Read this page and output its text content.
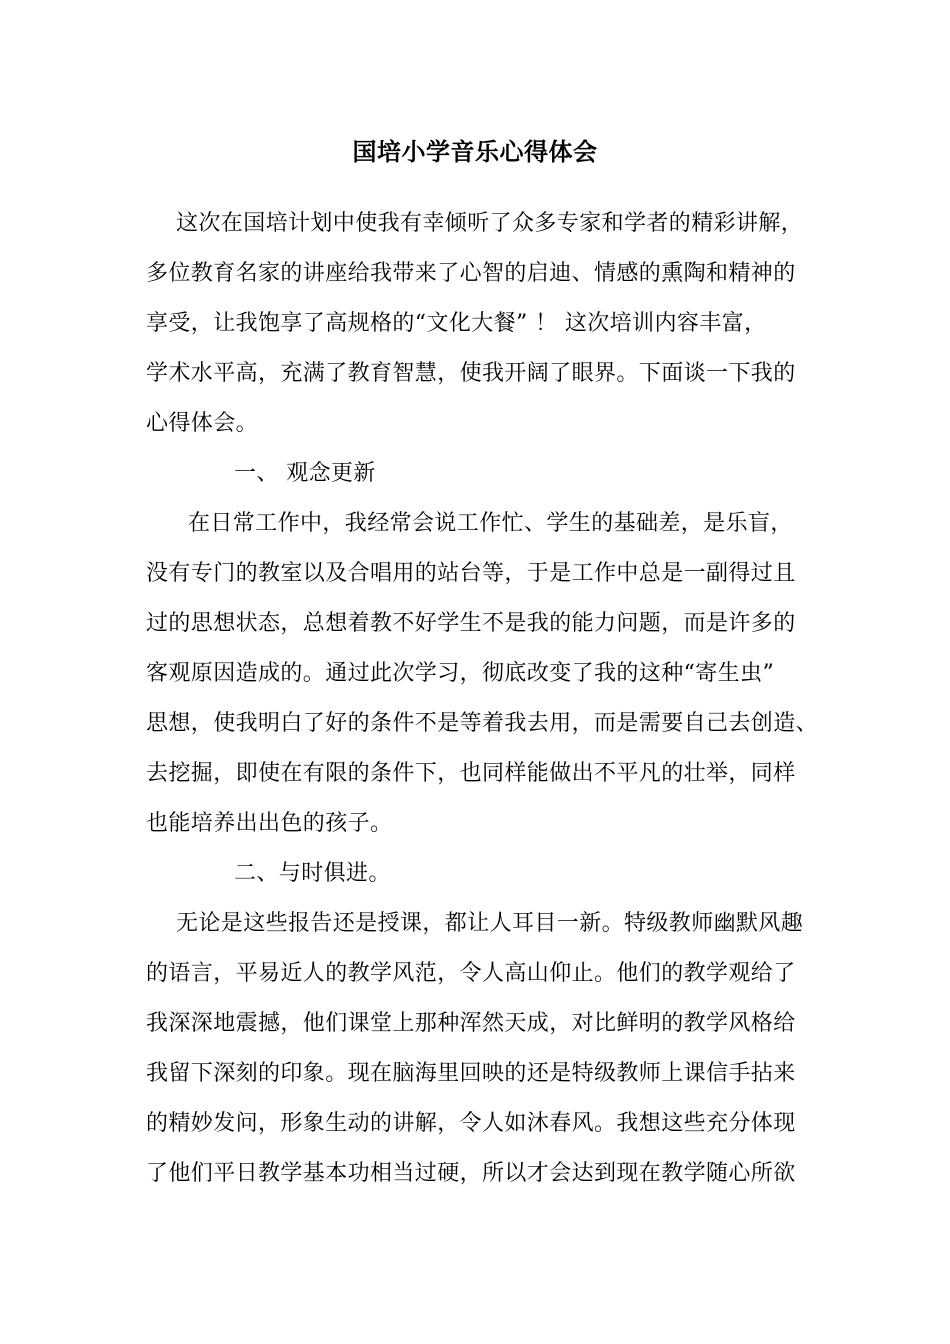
国培小学音乐心得体会
这次在国培计划中使我有幸倾听了众多专家和学者的精彩讲解，
多位教育名家的讲座给我带来了心智的启迪、情感的熏陶和精神的
享受，让我饱享了高规格的“文化大餐” ！ 这次培训内容丰富，
学术水平高，充满了教育智慧，使我开阔了眼界。下面谈一下我的
心得体会。
一、 观念更新
在日常工作中，我经常会说工作忙、学生的基础差，是乐盲，
没有专门的教室以及合唱用的站台等，于是工作中总是一副得过且
过的思想状态，总想着教不好学生不是我的能力问题，而是许多的
客观原因造成的。通过此次学习，彻底改变了我的这种“寄生虫”
思想，使我明白了好的条件不是等着我去用，而是需要自己去创造、
去挖掘，即使在有限的条件下，也同样能做出不平凡的壮举，同样
也能培养出出色的孩子。
二、与时俱进。
无论是这些报告还是授课，都让人耳目一新。特级教师幽默风趣
的语言，平易近人的教学风范，令人高山仰止。他们的教学观给了
我深深地震撼，他们课堂上那种浑然天成，对比鲜明的教学风格给
我留下深刻的印象。现在脑海里回映的还是特级教师上课信手拈来
的精妙发问，形象生动的讲解，令人如沐春风。我想这些充分体现
了他们平日教学基本功相当过硬，所以才会达到现在教学随心所欲
